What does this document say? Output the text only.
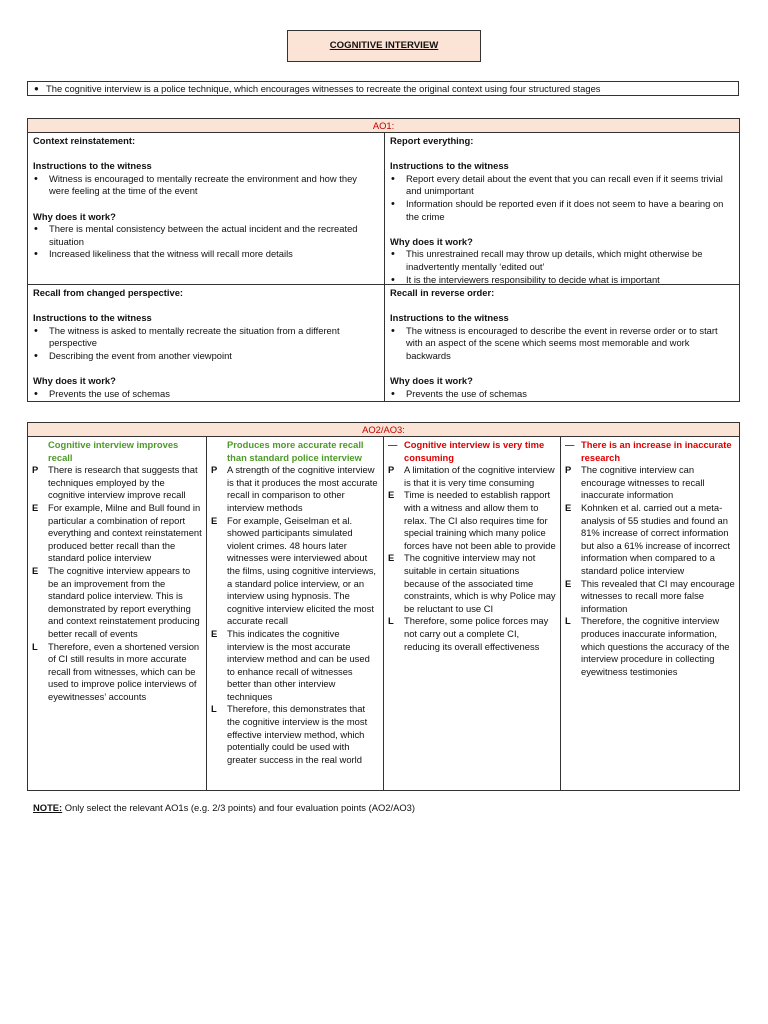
COGNITIVE INTERVIEW
● The cognitive interview is a police technique, which encourages witnesses to recreate the original context using four structured stages
AO1:
Context reinstatement:
Instructions to the witness
• Witness is encouraged to mentally recreate the environment and how they were feeling at the time of the event
Why does it work?
• There is mental consistency between the actual incident and the recreated situation
• Increased likeliness that the witness will recall more details
Report everything:
Instructions to the witness
• Report every detail about the event that you can recall even if it seems trivial and unimportant
• Information should be reported even if it does not seem to have a bearing on the crime
Why does it work?
• This unrestrained recall may throw up details, which might otherwise be inadvertently mentally ‘edited out’
• It is the interviewers responsibility to decide what is important
Recall from changed perspective:
Instructions to the witness
• The witness is asked to mentally recreate the situation from a different perspective
• Describing the event from another viewpoint
Why does it work?
• Prevents the use of schemas
Recall in reverse order:
Instructions to the witness
• The witness is encouraged to describe the event in reverse order or to start with an aspect of the scene which seems most memorable and work backwards
Why does it work?
• Prevents the use of schemas
AO2/AO3:
Cognitive interview improves recall
P	There is research that suggests that techniques employed by the cognitive interview improve recall
E	For example, Milne and Bull found in particular a combination of report everything and context reinstatement produced better recall than the standard police interview
E	The cognitive interview appears to be an improvement from the standard police interview. This is demonstrated by report everything and context reinstatement producing better recall of events
L	Therefore, even a shortened version of CI still results in more accurate recall from witnesses, which can be used to improve police interviews of eyewitnesses’ accounts
Produces more accurate recall than standard police interview
P	A strength of the cognitive interview is that it produces the most accurate recall in comparison to other interview methods
E	For example, Geiselman et al. showed participants simulated violent crimes. 48 hours later witnesses were interviewed about the films, using cognitive interviews, a standard police interview, or an interview using hypnosis. The cognitive interview elicited the most accurate recall
E	This indicates the cognitive interview is the most accurate interview method and can be used to enhance recall of witnesses better than other interview techniques
L	Therefore, this demonstrates that the cognitive interview is the most effective interview method, which potentially could be used with greater success in the real world
— Cognitive interview is very time consuming
P	A limitation of the cognitive interview is that it is very time consuming
E	Time is needed to establish rapport with a witness and allow them to relax. The CI also requires time for special training which many police forces have not been able to provide
E	The cognitive interview may not suitable in certain situations because of the associated time constraints, which is why Police may be reluctant to use CI
L	Therefore, some police forces may not carry out a complete CI, reducing its overall effectiveness
— There is an increase in inaccurate research
P	The cognitive interview can encourage witnesses to recall inaccurate information
E	Kohnken et al. carried out a meta-analysis of 55 studies and found an 81% increase of correct information but also a 61% increase of incorrect information when compared to a standard police interview
E	This revealed that CI may encourage witnesses to recall more false information
L	Therefore, the cognitive interview produces inaccurate information, which questions the accuracy of the interview procedure in collecting eyewitness testimonies
NOTE: Only select the relevant AO1s (e.g. 2/3 points) and four evaluation points (AO2/AO3)
